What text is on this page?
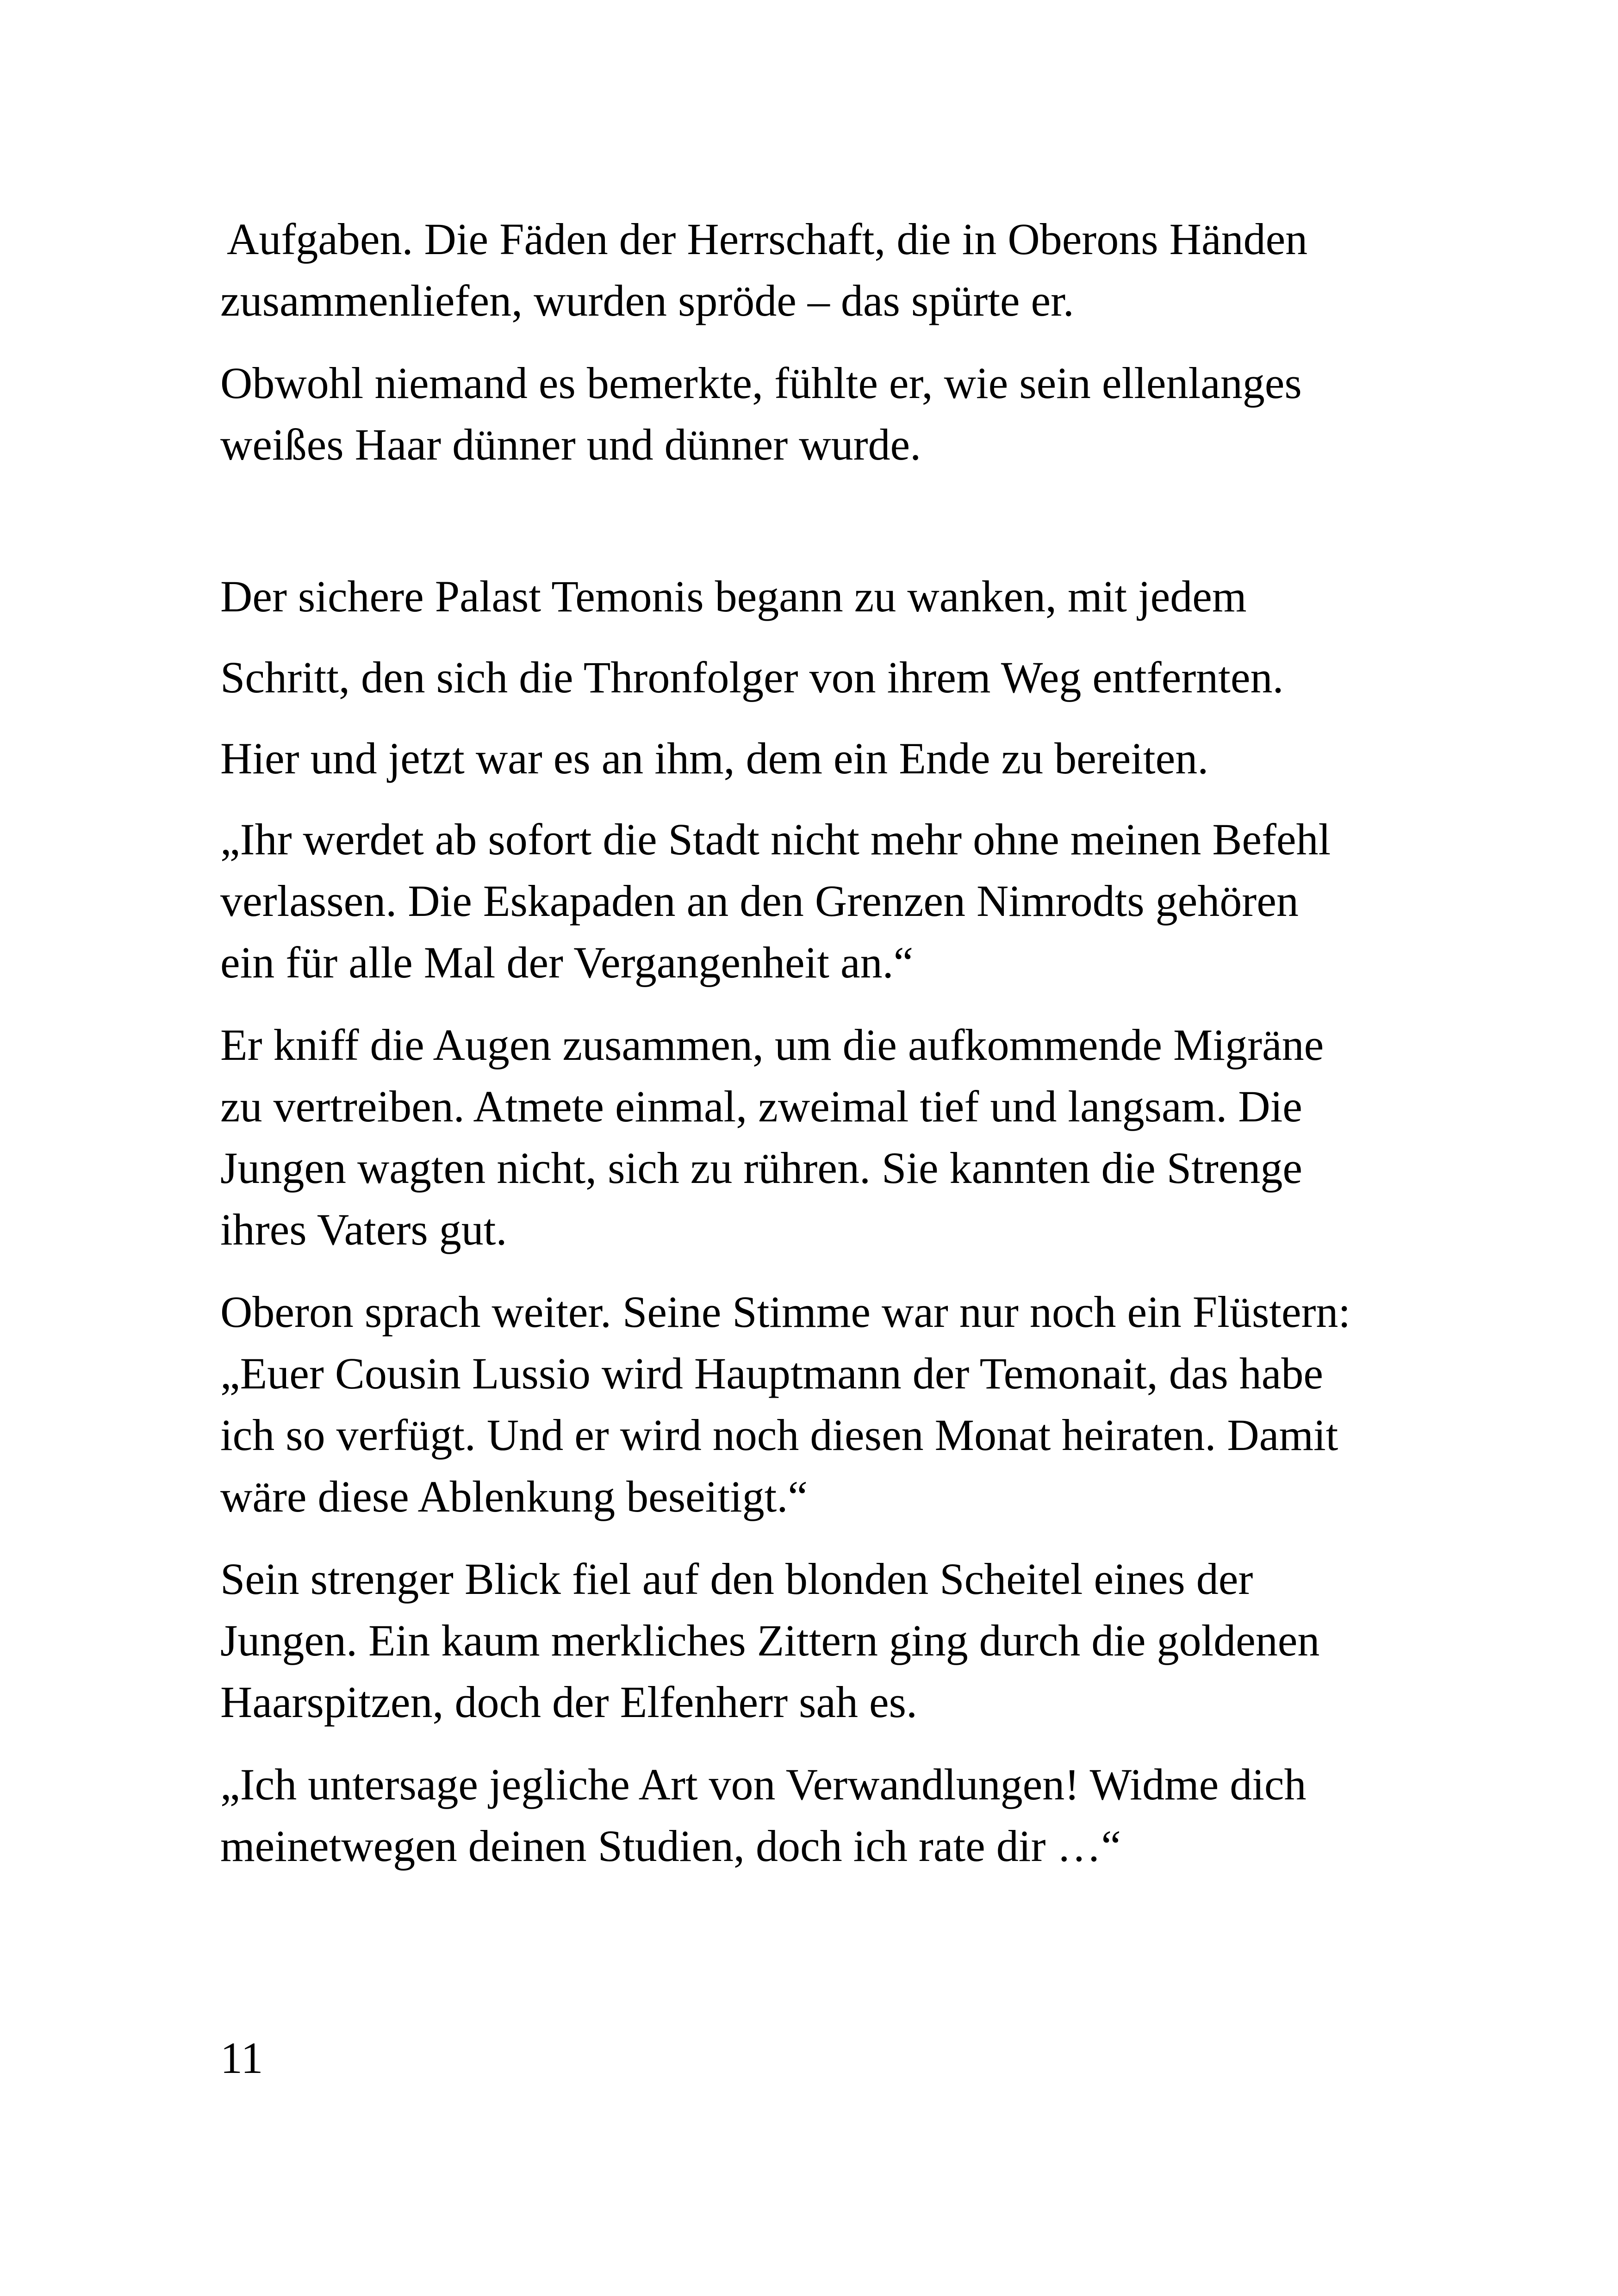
Aufgaben. Die Fäden der Herrschaft, die in Oberons Händen
zusammenliefen, wurden spröde – das spürte er.

Obwohl niemand es bemerkte, fühlte er, wie sein ellenlanges
weißes Haar dünner und dünner wurde.

Der sichere Palast Temonis begann zu wanken, mit jedem

Schritt, den sich die Thronfolger von ihrem Weg entfernten.

Hier und jetzt war es an ihm, dem ein Ende zu bereiten.

„Ihr werdet ab sofort die Stadt nicht mehr ohne meinen Befehl
verlassen. Die Eskapaden an den Grenzen Nimrodts gehören
ein für alle Mal der Vergangenheit an.“

Er kniff die Augen zusammen, um die aufkommende Migräne
zu vertreiben. Atmete einmal, zweimal tief und langsam. Die
Jungen wagten nicht, sich zu rühren. Sie kannten die Strenge
ihres Vaters gut.

Oberon sprach weiter. Seine Stimme war nur noch ein Flüstern:
„Euer Cousin Lussio wird Hauptmann der Temonait, das habe
ich so verfügt. Und er wird noch diesen Monat heiraten. Damit
wäre diese Ablenkung beseitigt.“

Sein strenger Blick fiel auf den blonden Scheitel eines der
Jungen. Ein kaum merkliches Zittern ging durch die goldenen
Haarspitzen, doch der Elfenherr sah es.

„Ich untersage jegliche Art von Verwandlungen! Widme dich
meinetwegen deinen Studien, doch ich rate dir …“

11
